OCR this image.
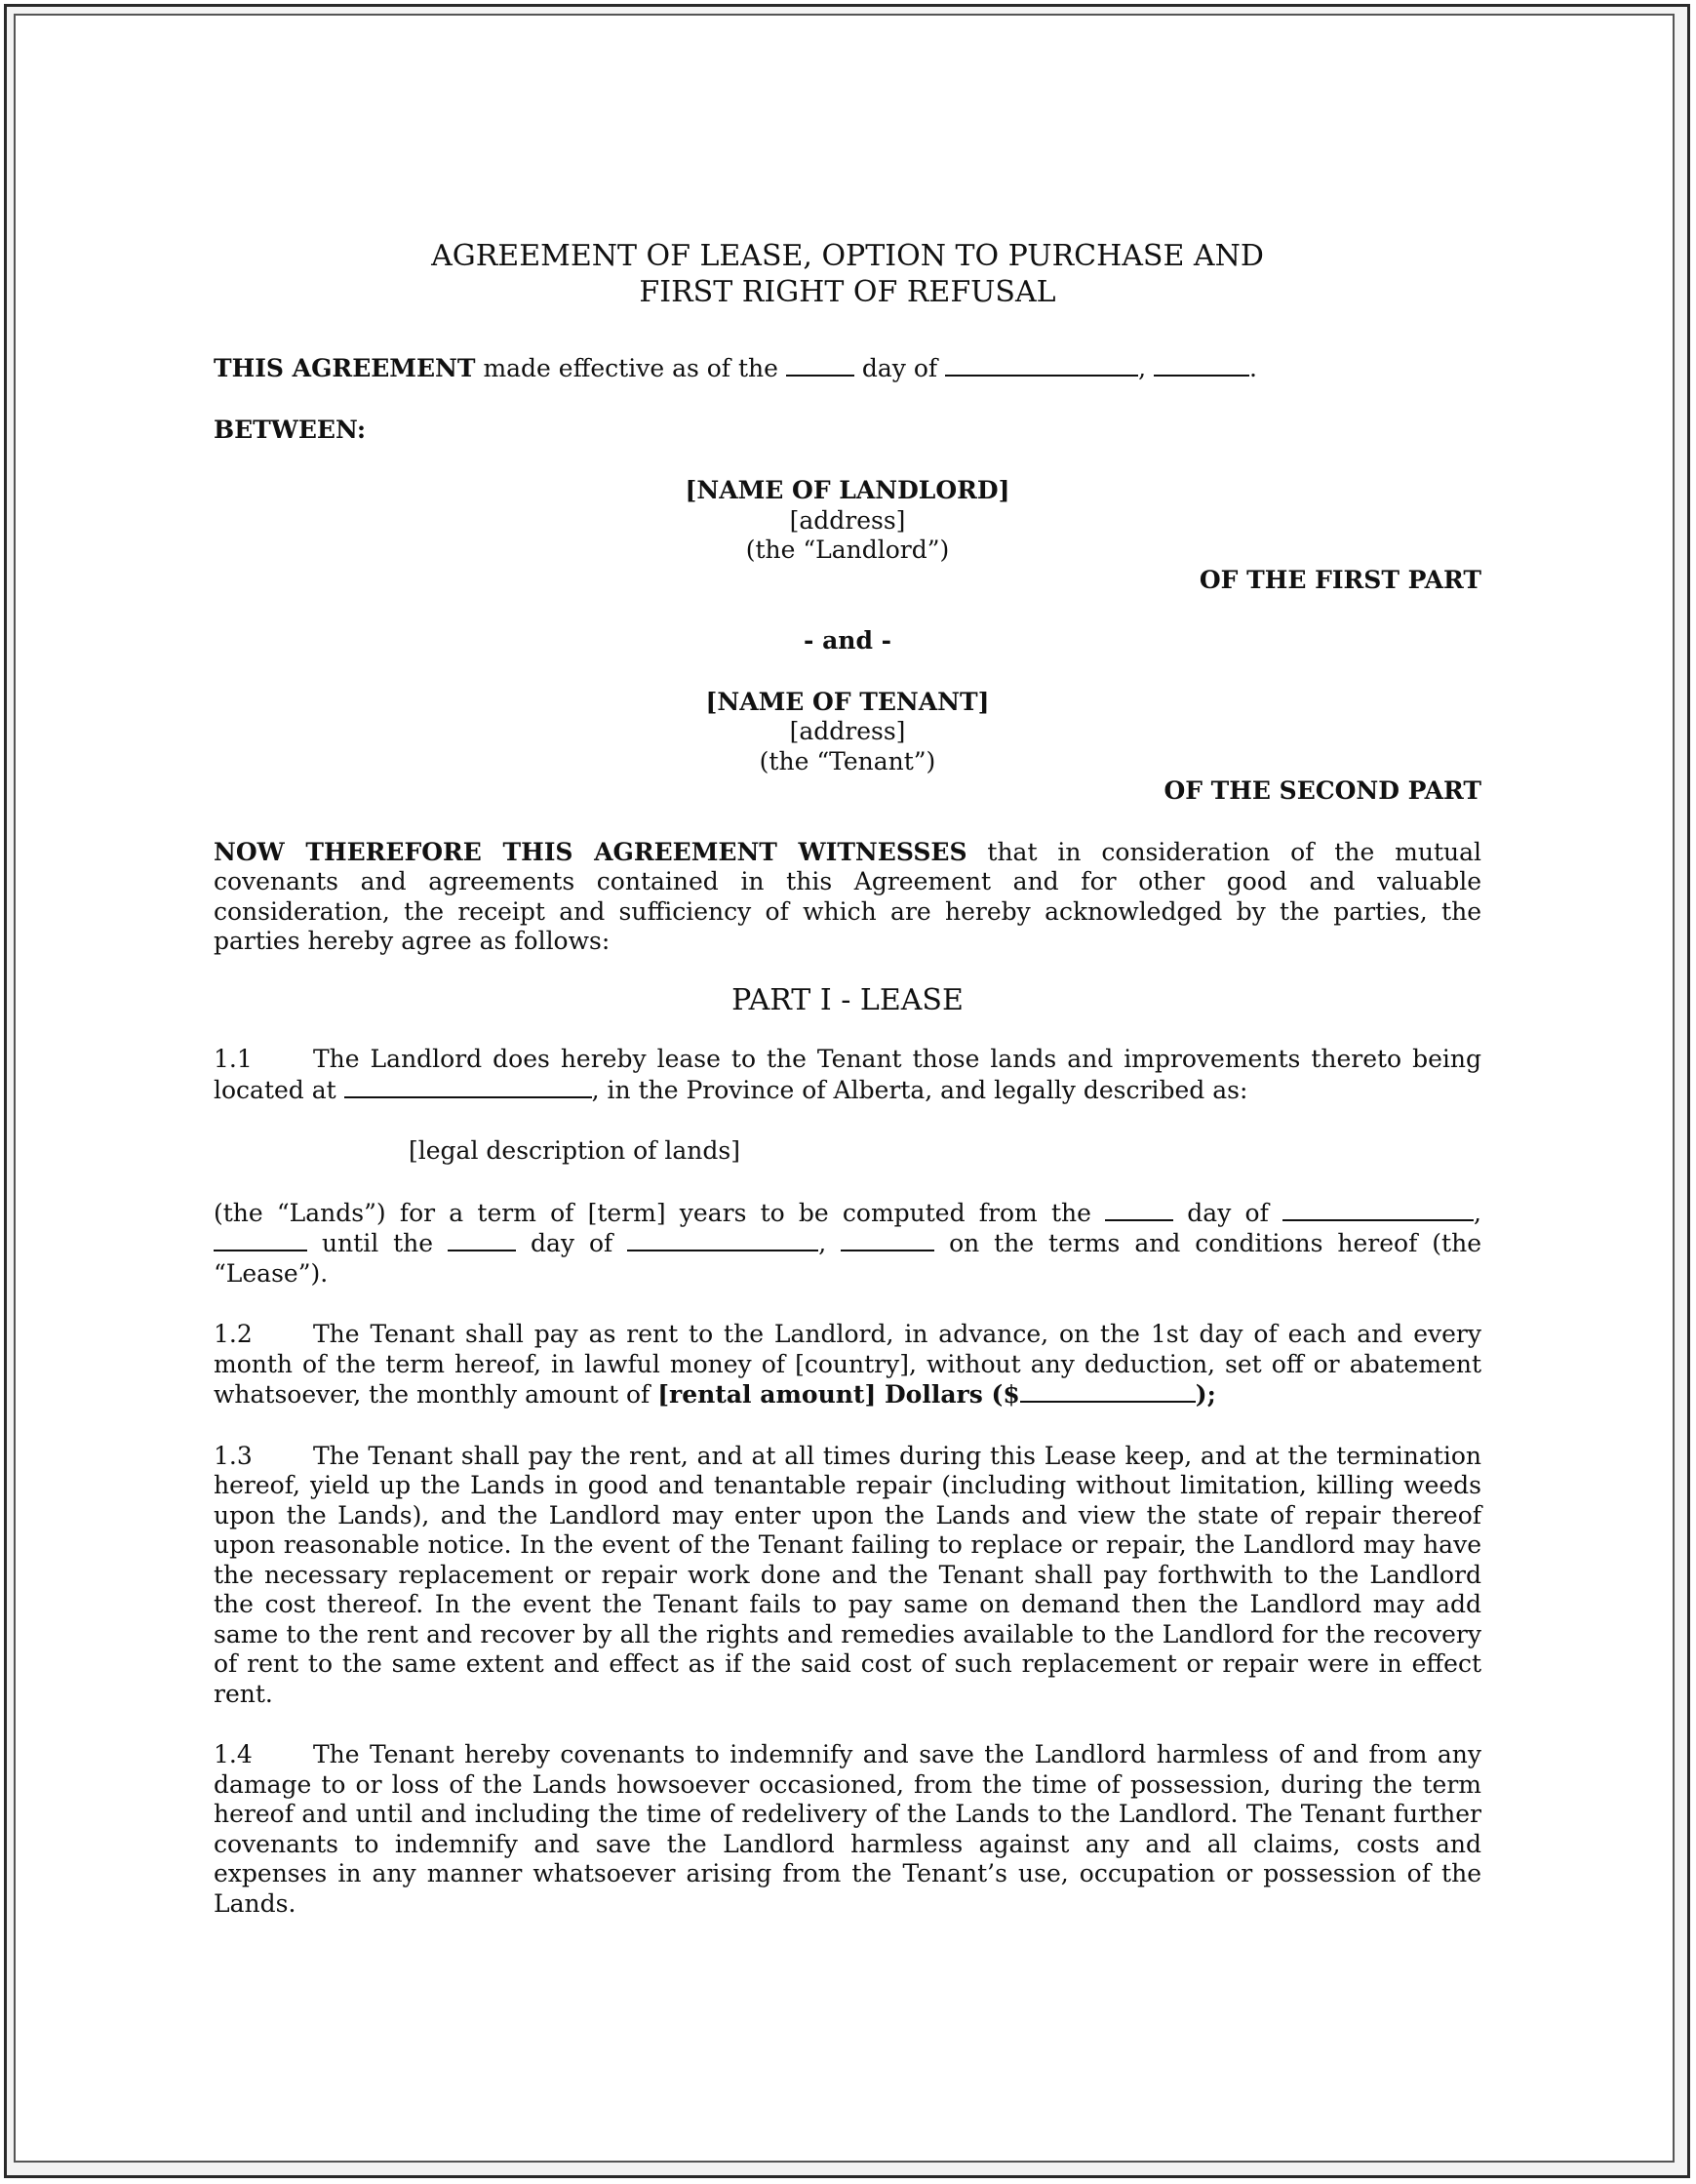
AGREEMENT OF LEASE, OPTION TO PURCHASE AND
FIRST RIGHT OF REFUSAL

THIS AGREEMENT made effective as of the	day of	,	.

BETWEEN:

[NAME OF LANDLORD]
[address]
(the “Landlord”)
OF THE FIRST PART
- and -
[NAME OF TENANT]
[address]
(the “Tenant”)
OF THE SECOND PART

NOW THEREFORE THIS AGREEMENT WITNESSES that in consideration of the mutual covenants and agreements contained in this Agreement and for other good and valuable consideration, the receipt and sufficiency of which are hereby acknowledged by the parties, the parties hereby agree as follows:

PART I - LEASE

1.1 The Landlord does hereby lease to the Tenant those lands and improvements thereto being located at	, in the Province of Alberta, and legally described as:

[legal description of lands]

(the “Lands”) for a term of [term] years to be computed from the	day of	,  until the	day of	,	on the terms and conditions hereof (the “Lease”).

1.2 The Tenant shall pay as rent to the Landlord, in advance, on the 1st day of each and every month of the term hereof, in lawful money of [country], without any deduction, set off or abatement whatsoever, the monthly amount of [rental amount] Dollars ($	);

1.3 The Tenant shall pay the rent, and at all times during this Lease keep, and at the termination hereof, yield up the Lands in good and tenantable repair (including without limitation, killing weeds upon the Lands), and the Landlord may enter upon the Lands and view the state of repair thereof upon reasonable notice. In the event of the Tenant failing to replace or repair, the Landlord may have the necessary replacement or repair work done and the Tenant shall pay forthwith to the Landlord the cost thereof. In the event the Tenant fails to pay same on demand then the Landlord may add same to the rent and recover by all the rights and remedies available to the Landlord for the recovery of rent to the same extent and effect as if the said cost of such replacement or repair were in effect rent.

1.4 The Tenant hereby covenants to indemnify and save the Landlord harmless of and from any damage to or loss of the Lands howsoever occasioned, from the time of possession, during the term hereof and until and including the time of redelivery of the Lands to the Landlord. The Tenant further covenants to indemnify and save the Landlord harmless against any and all claims, costs and expenses in any manner whatsoever arising from the Tenant’s use, occupation or possession of the Lands.
